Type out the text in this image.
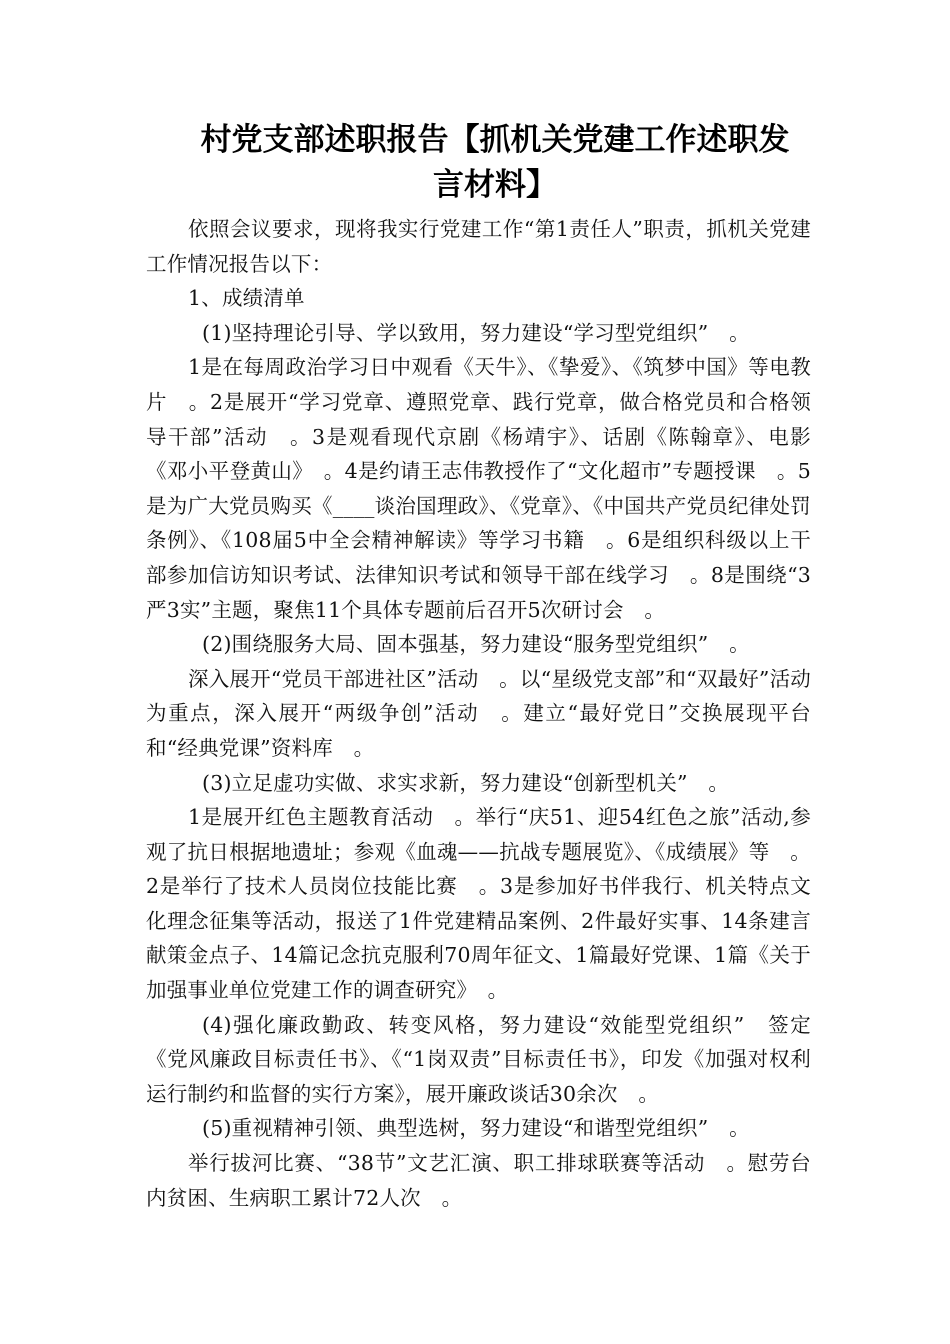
村党支部述职报告【抓机关党建工作述职发
言材料】

依照会议要求，现将我实行党建工作“第1责任人”职责，抓机关党建工作情况报告以下：

1、成绩清单

(1)坚持理论引导、学以致用，努力建设“学习型党组织”　。

1是在每周政治学习日中观看《天牛》、《挚爱》、《筑梦中国》等电教片　。2是展开“学习党章、遵照党章、践行党章，做合格党员和合格领导干部”活动　。3是观看现代京剧《杨靖宇》、话剧《陈翰章》、电影《邓小平登黄山》　。4是约请王志伟教授作了“文化超市”专题授课　。5是为广大党员购买《____谈治国理政》、《党章》、《中国共产党员纪律处罚条例》、《108届5中全会精神解读》等学习书籍　。6是组织科级以上干部参加信访知识考试、法律知识考试和领导干部在线学习　。8是围绕“3严3实”主题，聚焦11个具体专题前后召开5次研讨会　。

(2)围绕服务大局、固本强基，努力建设“服务型党组织”　。

深入展开“党员干部进社区”活动　。以“星级党支部”和“双最好”活动为重点，深入展开“两级争创”活动　。建立“最好党日”交换展现平台和“经典党课”资料库　。

(3)立足虚功实做、求实求新，努力建设“创新型机关”　。

1是展开红色主题教育活动　。举行“庆51、迎54红色之旅”活动,参观了抗日根据地遗址；参观《血魂——抗战专题展览》、《成绩展》等　。2是举行了技术人员岗位技能比赛　。3是参加好书伴我行、机关特点文化理念征集等活动，报送了1件党建精品案例、2件最好实事、14条建言献策金点子、14篇记念抗克服利70周年征文、1篇最好党课、1篇《关于加强事业单位党建工作的调查研究》　。

(4)强化廉政勤政、转变风格，努力建设“效能型党组织”　签定《党风廉政目标责任书》、《“1岗双责”目标责任书》，印发《加强对权利运行制约和监督的实行方案》，展开廉政谈话30余次　。

(5)重视精神引领、典型选树，努力建设“和谐型党组织”　。

举行拔河比赛、“38节”文艺汇演、职工排球联赛等活动　。慰劳台内贫困、生病职工累计72人次　。
